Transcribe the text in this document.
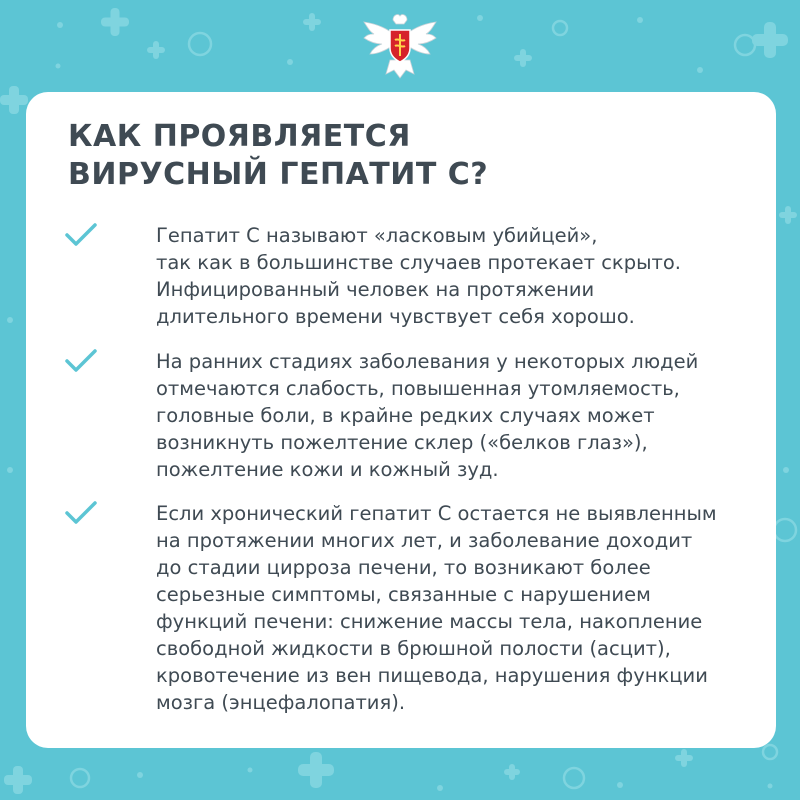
КАК ПРОЯВЛЯЕТСЯ
ВИРУСНЫЙ ГЕПАТИТ С?
Гепатит С называют «ласковым убийцей»,
так как в большинстве случаев протекает скрыто.
Инфицированный человек на протяжении
длительного времени чувствует себя хорошо.
На ранних стадиях заболевания у некоторых людей
отмечаются слабость, повышенная утомляемость,
головные боли, в крайне редких случаях может
возникнуть пожелтение склер («белков глаз»),
пожелтение кожи и кожный зуд.
Если хронический гепатит С остается не выявленным
на протяжении многих лет, и заболевание доходит
до стадии цирроза печени, то возникают более
серьезные симптомы, связанные с нарушением
функций печени: снижение массы тела, накопление
свободной жидкости в брюшной полости (асцит),
кровотечение из вен пищевода, нарушения функции
мозга (энцефалопатия).
